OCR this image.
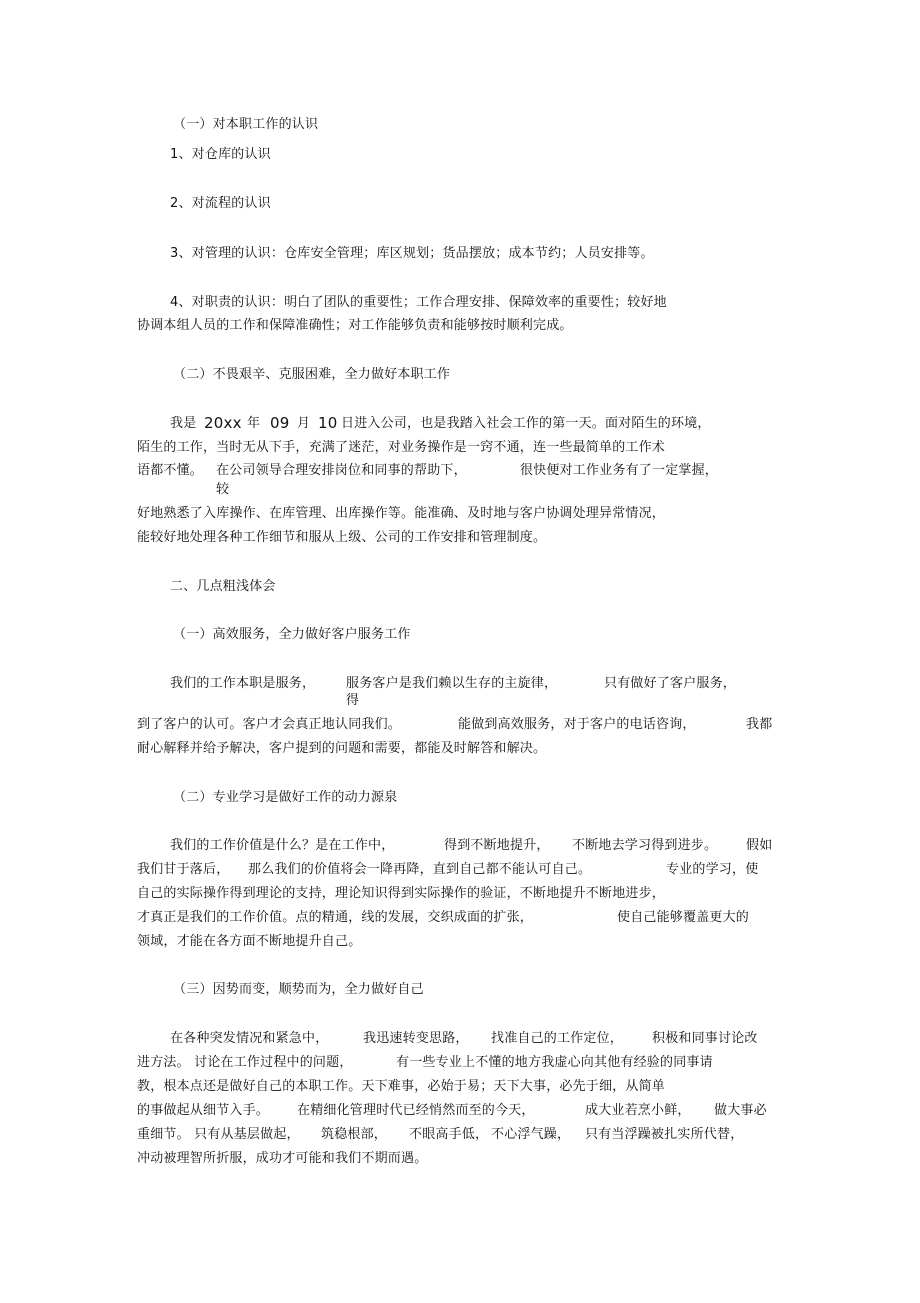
（一）对本职工作的认识
1、对仓库的认识
2、对流程的认识
3、对管理的认识：仓库安全管理；库区规划；货品摆放；成本节约；人员安排等。
4、对职责的认识：明白了团队的重要性；工作合理安排、保障效率的重要性；较好地
协调本组人员的工作和保障准确性；对工作能够负责和能够按时顺利完成。
（二）不畏艰辛、克服困难，全力做好本职工作
我是 20xx 年 09 月 10 日进入公司，也是我踏入社会工作的第一天。面对陌生的环境，
陌生的工作，当时无从下手，充满了迷茫，对业务操作是一窍不通，连一些最简单的工作术
语都不懂。 在公司领导合理安排岗位和同事的帮助下，	很快便对工作业务有了一定掌握，
较
好地熟悉了入库操作、在库管理、出库操作等。能准确、及时地与客户协调处理异常情况，
能较好地处理各种工作细节和服从上级、公司的工作安排和管理制度。
二、几点粗浅体会
（一）高效服务，全力做好客户服务工作
我们的工作本职是服务， 服务客户是我们赖以生存的主旋律，	只有做好了客户服务，
得
到了客户的认可。客户才会真正地认同我们。	能做到高效服务，对于客户的电话咨询，	我都
耐心解释并给予解决，客户提到的问题和需要，都能及时解答和解决。
（二）专业学习是做好工作的动力源泉
我们的工作价值是什么？是在工作中，	得到不断地提升， 不断地去学习得到进步。 假如
我们甘于落后， 那么我们的价值将会一降再降，直到自己都不能认可自己。	专业的学习，使
自己的实际操作得到理论的支持，理论知识得到实际操作的验证，不断地提升不断地进步，
才真正是我们的工作价值。点的精通，线的发展，交织成面的扩张，	使自己能够覆盖更大的
领域，才能在各方面不断地提升自己。
（三）因势而变，顺势而为，全力做好自己
在各种突发情况和紧急中，	我迅速转变思路， 找准自己的工作定位， 积极和同事讨论改
进方法。 讨论在工作过程中的问题，	有一些专业上不懂的地方我虚心向其他有经验的同事请
教，根本点还是做好自己的本职工作。天下难事，必始于易；天下大事，必先于细，从简单
的事做起从细节入手。 在精细化管理时代已经悄然而至的今天，	成大业若烹小鲜， 做大事必
重细节。 只有从基层做起， 筑稳根部， 不眼高手低， 不心浮气躁， 只有当浮躁被扎实所代替，
冲动被理智所折服，成功才可能和我们不期而遇。
